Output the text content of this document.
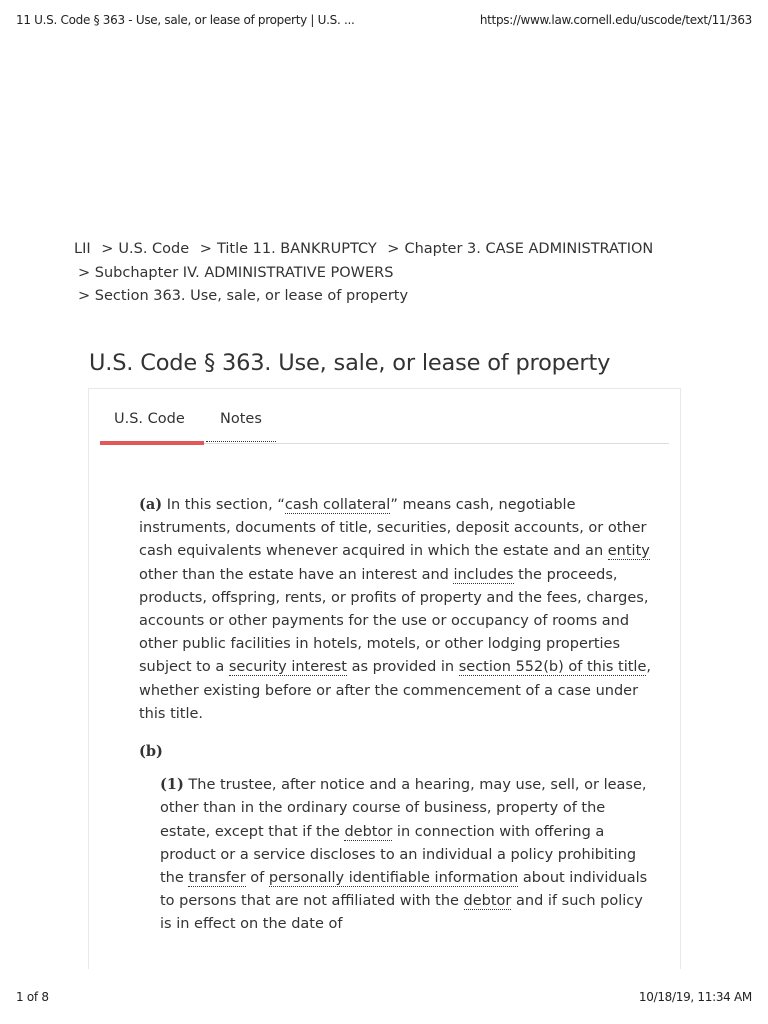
11 U.S. Code § 363 - Use, sale, or lease of property | U.S. ...	https://www.law.cornell.edu/uscode/text/11/363
LII > U.S. Code > Title 11. BANKRUPTCY > Chapter 3. CASE ADMINISTRATION
> Subchapter IV. ADMINISTRATIVE POWERS
> Section 363. Use, sale, or lease of property
U.S. Code § 363. Use, sale, or lease of property
U.S. Code Notes

(a) In this section, “cash collateral” means cash, negotiable instruments, documents of title, securities, deposit accounts, or other cash equivalents whenever acquired in which the estate and an entity other than the estate have an interest and includes the proceeds, products, offspring, rents, or profits of property and the fees, charges, accounts or other payments for the use or occupancy of rooms and other public facilities in hotels, motels, or other lodging properties subject to a security interest as provided in section 552(b) of this title, whether existing before or after the commencement of a case under this title.

(b)

(1) The trustee, after notice and a hearing, may use, sell, or lease, other than in the ordinary course of business, property of the estate, except that if the debtor in connection with offering a product or a service discloses to an individual a policy prohibiting the transfer of personally identifiable information about individuals to persons that are not affiliated with the debtor and if such policy is in effect on the date of

1 of 8	10/18/19, 11:34 AM
